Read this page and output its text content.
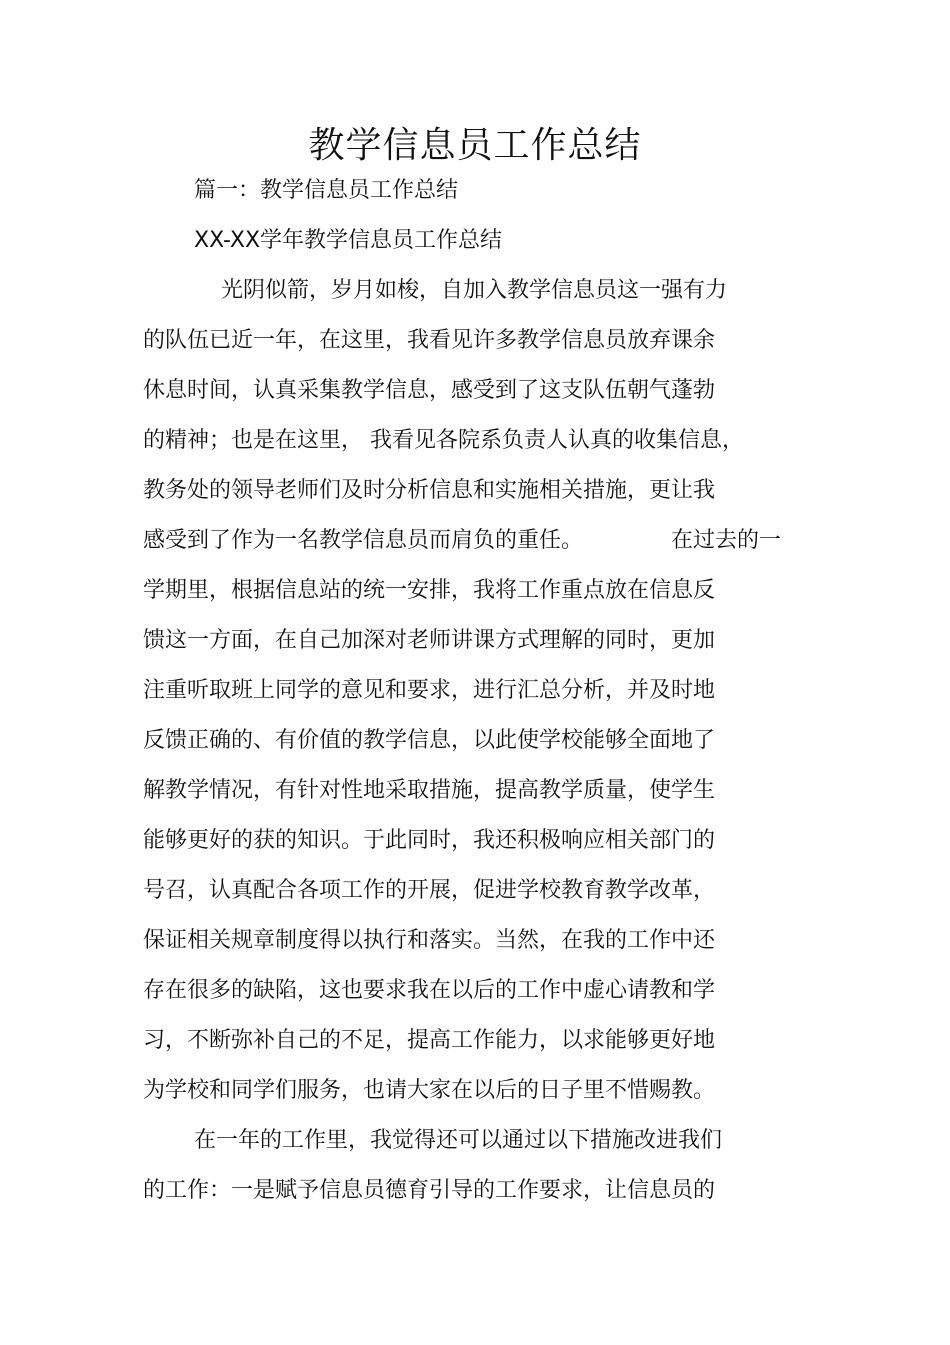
教学信息员工作总结
篇一：教学信息员工作总结
XX-XX学年教学信息员工作总结
光阴似箭，岁月如梭，自加入教学信息员这一强有力
的队伍已近一年，在这里，我看见许多教学信息员放弃课余
休息时间，认真采集教学信息，感受到了这支队伍朝气蓬勃
的精神；也是在这里， 我看见各院系负责人认真的收集信息，
教务处的领导老师们及时分析信息和实施相关措施，更让我
感受到了作为一名教学信息员而肩负的重任。	在过去的一
学期里，根据信息站的统一安排，我将工作重点放在信息反
馈这一方面，在自己加深对老师讲课方式理解的同时，更加
注重听取班上同学的意见和要求，进行汇总分析，并及时地
反馈正确的、有价值的教学信息，以此使学校能够全面地了
解教学情况，有针对性地采取措施，提高教学质量，使学生
能够更好的获的知识。于此同时，我还积极响应相关部门的
号召，认真配合各项工作的开展，促进学校教育教学改革，
保证相关规章制度得以执行和落实。当然，在我的工作中还
存在很多的缺陷，这也要求我在以后的工作中虚心请教和学
习，不断弥补自己的不足，提高工作能力，以求能够更好地
为学校和同学们服务，也请大家在以后的日子里不惜赐教。
在一年的工作里，我觉得还可以通过以下措施改进我们
的工作：一是赋予信息员德育引导的工作要求，让信息员的
